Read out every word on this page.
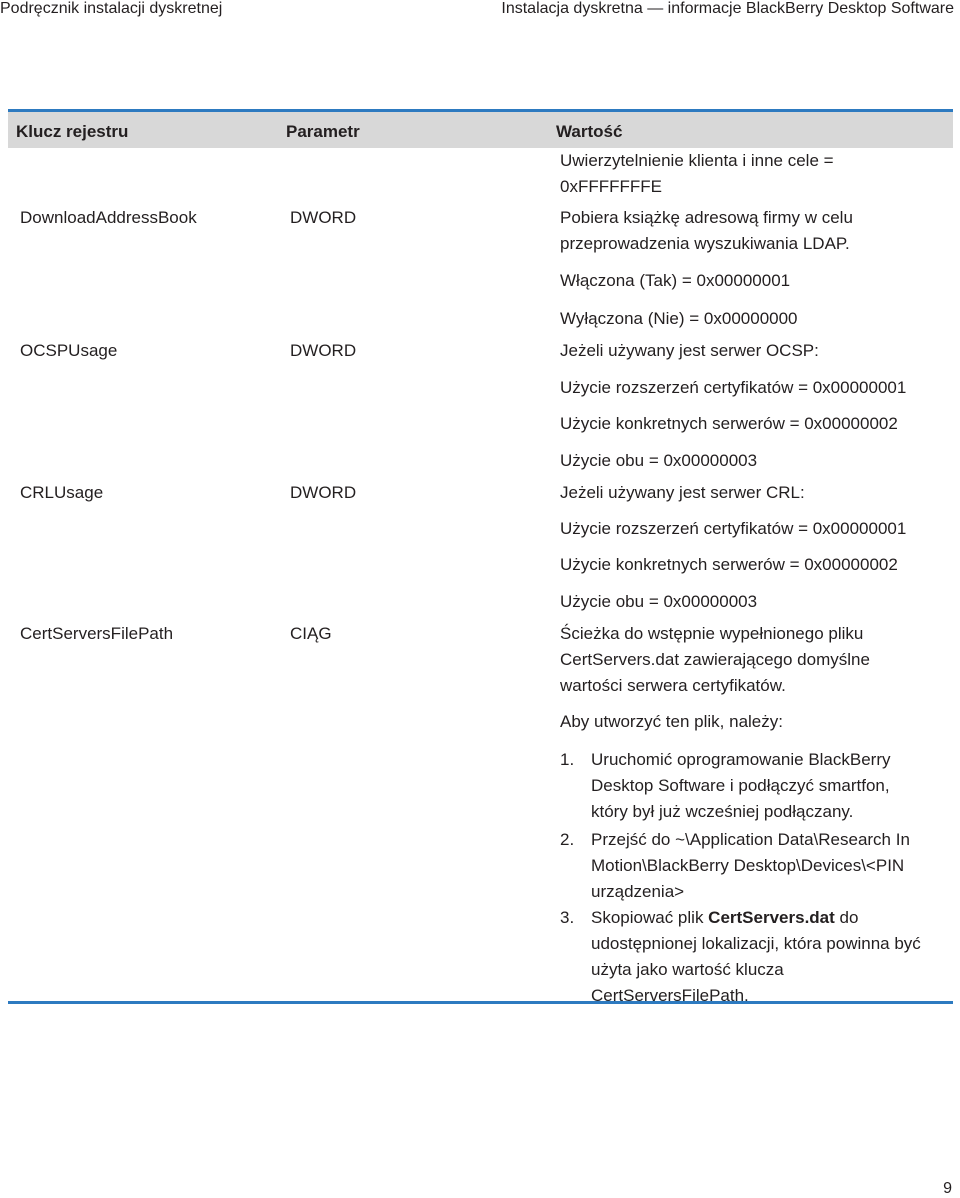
Podręcznik instalacji dyskretnej	Instalacja dyskretna — informacje BlackBerry Desktop Software
Klucz rejestru	Parametr	Wartość
Uwierzytelnienie klienta i inne cele =
0xFFFFFFFE
DownloadAddressBook	DWORD	Pobiera książkę adresową firmy w celu
przeprowadzenia wyszukiwania LDAP.
Włączona (Tak) = 0x00000001
Wyłączona (Nie) = 0x00000000
OCSPUsage	DWORD	Jeżeli używany jest serwer OCSP:
Użycie rozszerzeń certyfikatów = 0x00000001
Użycie konkretnych serwerów = 0x00000002
Użycie obu = 0x00000003
CRLUsage	DWORD	Jeżeli używany jest serwer CRL:
Użycie rozszerzeń certyfikatów = 0x00000001
Użycie konkretnych serwerów = 0x00000002
Użycie obu = 0x00000003
CertServersFilePath	CIĄG	Ścieżka do wstępnie wypełnionego pliku
CertServers.dat zawierającego domyślne
wartości serwera certyfikatów.
Aby utworzyć ten plik, należy:
1. Uruchomić oprogramowanie BlackBerry
Desktop Software i podłączyć smartfon,
który był już wcześniej podłączany.
2. Przejść do ~\Application Data\Research In
Motion\BlackBerry Desktop\Devices\<PIN
urządzenia>
3. Skopiować plik CertServers.dat do
udostępnionej lokalizacji, która powinna być
użyta jako wartość klucza
CertServersFilePath.
9
